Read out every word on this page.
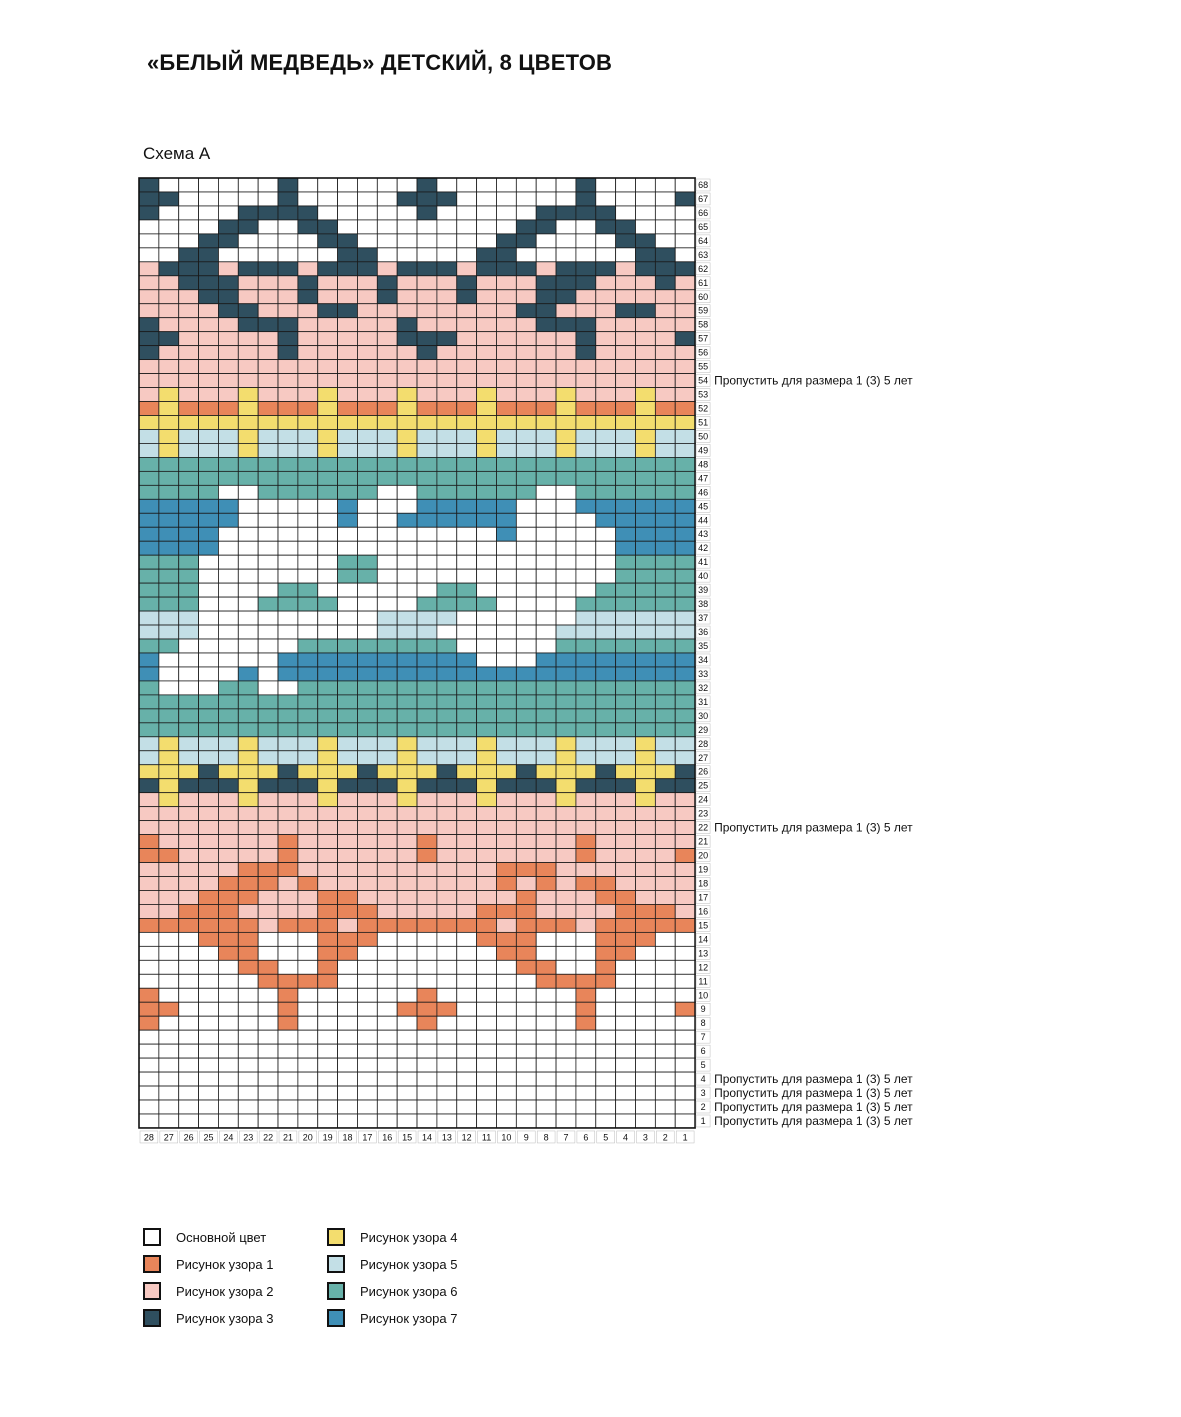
«БЕЛЫЙ МЕДВЕДЬ» ДЕТСКИЙ, 8 ЦВЕТОВ
Схема A
68
67
66
65
64
63
62
61
60
59
58
57
56
55
54
53
52
51
50
49
48
47
46
45
44
43
42
41
40
39
38
37
36
35
34
33
32
31
30
29
28
27
26
25
24
23
22
21
20
19
18
17
16
15
14
13
12
11
10
9
8
7
6
5
4
3
2
1
28 27 26 25 24 23 22 21 20 19 18 17 16 15 14 13 12 11 10 9 8 7 6 5 4 3 2 1
Пропустить для размера 1 (3) 5 лет
Пропустить для размера 1 (3) 5 лет
Пропустить для размера 1 (3) 5 лет
Пропустить для размера 1 (3) 5 лет
Пропустить для размера 1 (3) 5 лет
Пропустить для размера 1 (3) 5 лет
Основной цвет
Рисунок узора 1
Рисунок узора 2
Рисунок узора 3
Рисунок узора 4
Рисунок узора 5
Рисунок узора 6
Рисунок узора 7
